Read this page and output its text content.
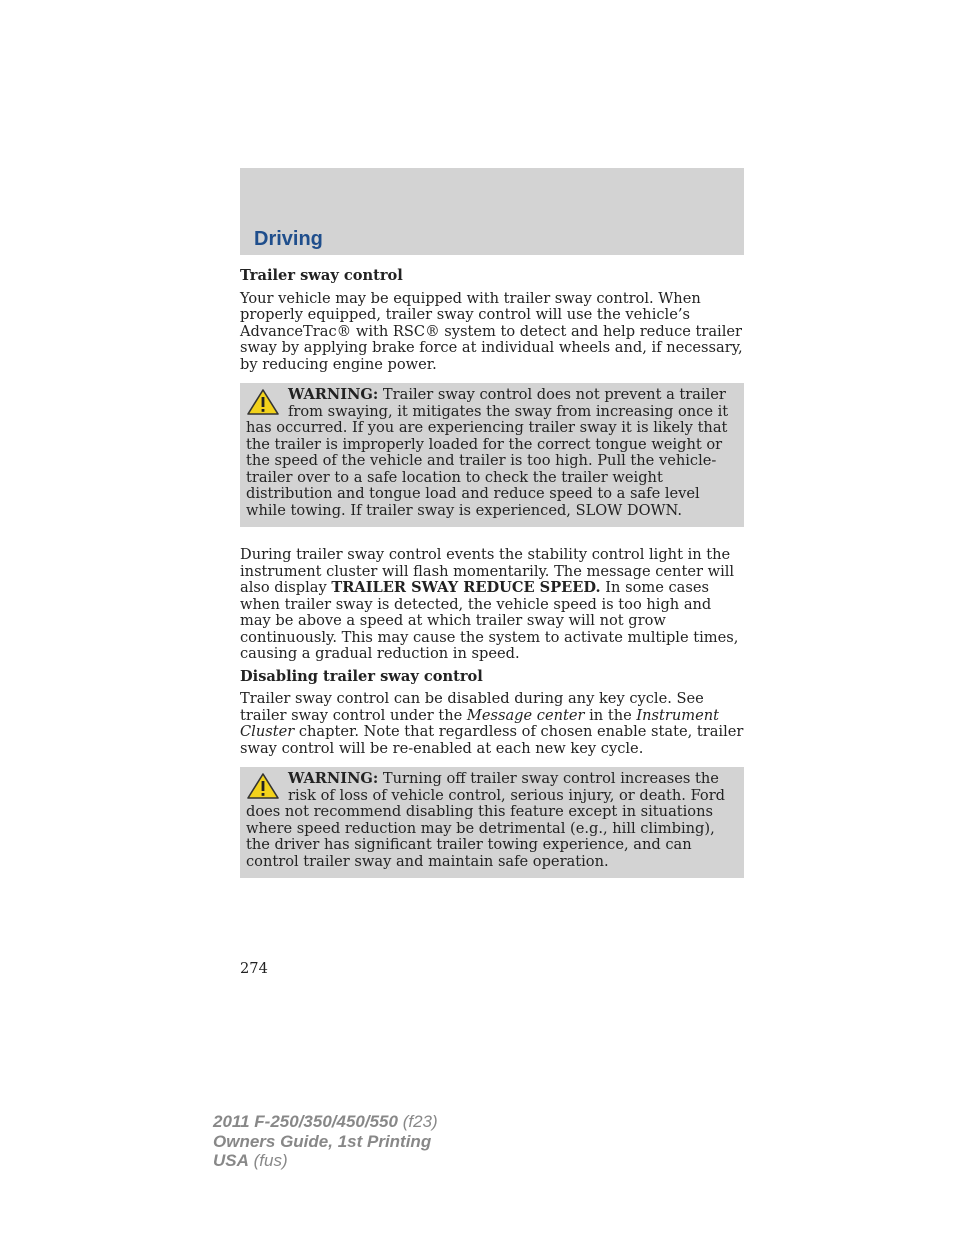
Driving

Trailer sway control

Your vehicle may be equipped with trailer sway control. When properly equipped, trailer sway control will use the vehicle’s AdvanceTrac® with RSC® system to detect and help reduce trailer sway by applying brake force at individual wheels and, if necessary, by reducing engine power.

WARNING: Trailer sway control does not prevent a trailer from swaying, it mitigates the sway from increasing once it has occurred. If you are experiencing trailer sway it is likely that the trailer is improperly loaded for the correct tongue weight or the speed of the vehicle and trailer is too high. Pull the vehicle-trailer over to a safe location to check the trailer weight distribution and tongue load and reduce speed to a safe level while towing. If trailer sway is experienced, SLOW DOWN.

During trailer sway control events the stability control light in the instrument cluster will flash momentarily. The message center will also display TRAILER SWAY REDUCE SPEED. In some cases when trailer sway is detected, the vehicle speed is too high and may be above a speed at which trailer sway will not grow continuously. This may cause the system to activate multiple times, causing a gradual reduction in speed.

Disabling trailer sway control

Trailer sway control can be disabled during any key cycle. See trailer sway control under the Message center in the Instrument Cluster chapter. Note that regardless of chosen enable state, trailer sway control will be re-enabled at each new key cycle.

WARNING: Turning off trailer sway control increases the risk of loss of vehicle control, serious injury, or death. Ford does not recommend disabling this feature except in situations where speed reduction may be detrimental (e.g., hill climbing), the driver has significant trailer towing experience, and can control trailer sway and maintain safe operation.
274
2011 F-250/350/450/550 (f23)
Owners Guide, 1st Printing
USA (fus)
